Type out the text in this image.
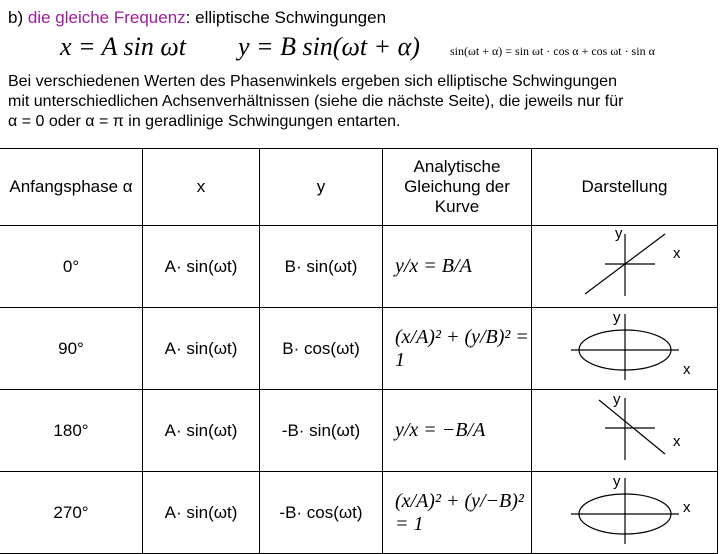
b) die gleiche Frequenz: elliptische Schwingungen
x = A sin ωt y = B sin(ωt + α)	sin(ωt + α) = sin ωt · cos α + cos ωt · sin α

Bei verschiedenen Werten des Phasenwinkels ergeben sich elliptische Schwingungen

mit unterschiedlichen Achsenverhältnissen (siehe die nächste Seite), die jeweils nur für

α = 0 oder α = π in geradlinige Schwingungen entarten.

Anfangsphase α	x	y	Analytische Gleichung der Kurve	Darstellung
0°	A· sin(ωt)	B· sin(ωt)	y/x = B/A	y
x

90°	A· sin(ωt)	B· cos(ωt)	(x/A)² + (y/B)² = 1	y
x

180°	A· sin(ωt)	-B· sin(ωt)	y/x = −B/A	y
x

270°	A· sin(ωt)	-B· cos(ωt)	(x/A)² + (y/−B)² = 1	y
x
